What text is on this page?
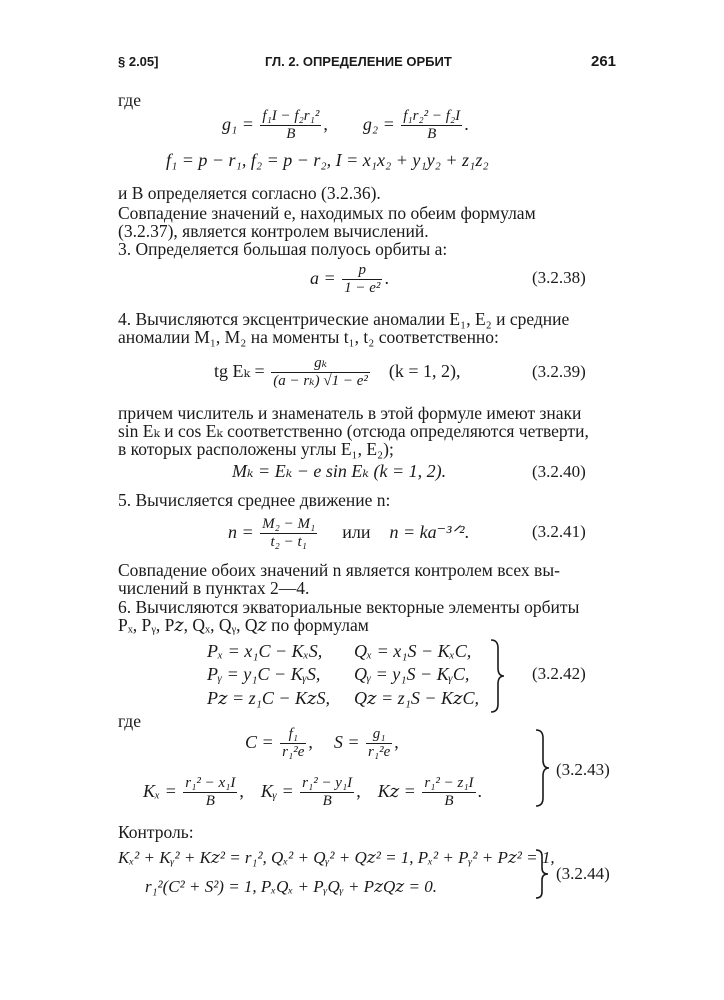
§ 2.05]	ГЛ. 2. ОПРЕДЕЛЕНИЕ ОРБИТ	261
где
$g_1 = \frac{\text{f₁I − f₂r₁²}}{B}$ ,  $g_2 = \frac{\text{f₁r₂² − f₂I}}{B}$ .
f₁ = p − r₁, f₂ = p − r₂, I = x₁x₂ + y₁y₂ + z₁z₂
и B определяется согласно (3.2.36).
Совпадение значений e, находимых по обеим формулам
(3.2.37), является контролем вычислений.
3. Определяется большая полуось орбиты a:
$a = \frac{p}{\text{1 − e²}}$ .	(3.2.38)
4. Вычисляются эксцентрические аномалии E₁, E₂ и средние
аномалии M₁, M₂ на моменты t₁, t₂ соответственно:
tg $E_k = \frac{\text{gₖ}}{\text{(a − rₖ) √1 − e²}} (k = 1$, 2),	(3.2.39)
причем числитель и знаменатель в этой формуле имеют знаки
sin Eₖ и cos Eₖ соответственно (отсюда определяются четверти,
в которых расположены углы E₁, E₂);
Mₖ = Eₖ − e sin Eₖ (k = 1, 2).	(3.2.40)
5. Вычисляется среднее движение n:
$n = \frac{\text{M₂ − M₁}}{\text{t₂ − t₁}}$ или n = ka⁻³ᐟ².	(3.2.41)
Совпадение обоих значений n является контролем всех вы-
числений в пунктах 2—4.
6. Вычисляются экваториальные векторные элементы орбиты
Pₓ, Pᵧ, P𝑧, Qₓ, Qᵧ, Q𝑧 по формулам
Pₓ = x₁C − KₓS, Qₓ = x₁S − KₓC,
Pᵧ = y₁C − KᵧS, Qᵧ = y₁S − KᵧC,
P𝑧 = z₁C − K𝑧S, Q𝑧 = z₁S − K𝑧C,
(3.2.42)
где
$C = \frac{\text{f₁}}{\text{r₁²e}}$ ,  $S = \frac{\text{g₁}}{\text{r₁²e}}$ ,
$K_x = \frac{\text{r₁² − x₁I}}{B}$ ,  Kᵧ = $\frac{\text{r₁² − y₁I}}{B}$ ,  K𝑧 = $\frac{\text{r₁² − z₁I}}{B}$ .
(3.2.43)
Контроль:
Kₓ² + Kᵧ² + K𝑧² = r₁², Qₓ² + Qᵧ² + Q𝑧² = 1, Pₓ² + Pᵧ² + P𝑧² = 1,
r₁²(C² + S²) = 1, PₓQₓ + PᵧQᵧ + P𝑧Q𝑧 = 0.
(3.2.44)
